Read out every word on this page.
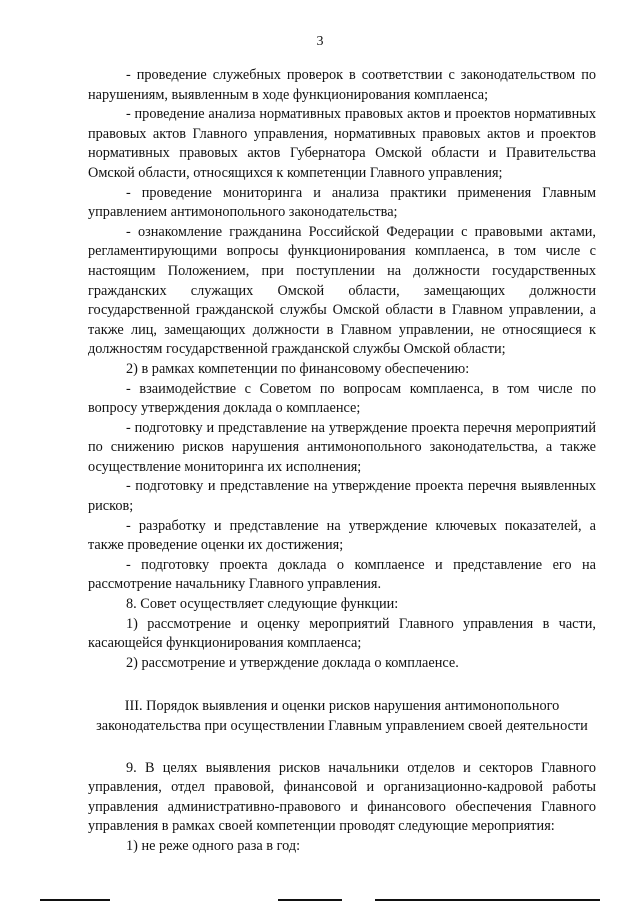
3

- проведение служебных проверок в соответствии с законодательством по нарушениям, выявленным в ходе функционирования комплаенса;

- проведение анализа нормативных правовых актов и проектов нормативных правовых актов Главного управления, нормативных правовых актов и проектов нормативных правовых актов Губернатора Омской области и Правительства Омской области, относящихся к компетенции Главного управления;

- проведение мониторинга и анализа практики применения Главным управлением антимонопольного законодательства;

- ознакомление гражданина Российской Федерации с правовыми актами, регламентирующими вопросы функционирования комплаенса, в том числе с настоящим Положением, при поступлении на должности государственных гражданских служащих Омской области, замещающих должности государственной гражданской службы Омской области в Главном управлении, а также лиц, замещающих должности в Главном управлении, не относящиеся к должностям государственной гражданской службы Омской области;

2) в рамках компетенции по финансовому обеспечению:

- взаимодействие с Советом по вопросам комплаенса, в том числе по вопросу утверждения доклада о комплаенсе;

- подготовку и представление на утверждение проекта перечня мероприятий по снижению рисков нарушения антимонопольного законодательства, а также осуществление мониторинга их исполнения;

- подготовку и представление на утверждение проекта перечня выявленных рисков;

- разработку и представление на утверждение ключевых показателей, а также проведение оценки их достижения;

- подготовку проекта доклада о комплаенсе и представление его на рассмотрение начальнику Главного управления.

8. Совет осуществляет следующие функции:

1) рассмотрение и оценку мероприятий Главного управления в части, касающейся функционирования комплаенса;

2) рассмотрение и утверждение доклада о комплаенсе.

III. Порядок выявления и оценки рисков нарушения антимонопольного законодательства при осуществлении Главным управлением своей деятельности

9. В целях выявления рисков начальники отделов и секторов Главного управления, отдел правовой, финансовой и организационно-кадровой работы управления административно-правового и финансового обеспечения Главного управления в рамках своей компетенции проводят следующие мероприятия:

1) не реже одного раза в год:
